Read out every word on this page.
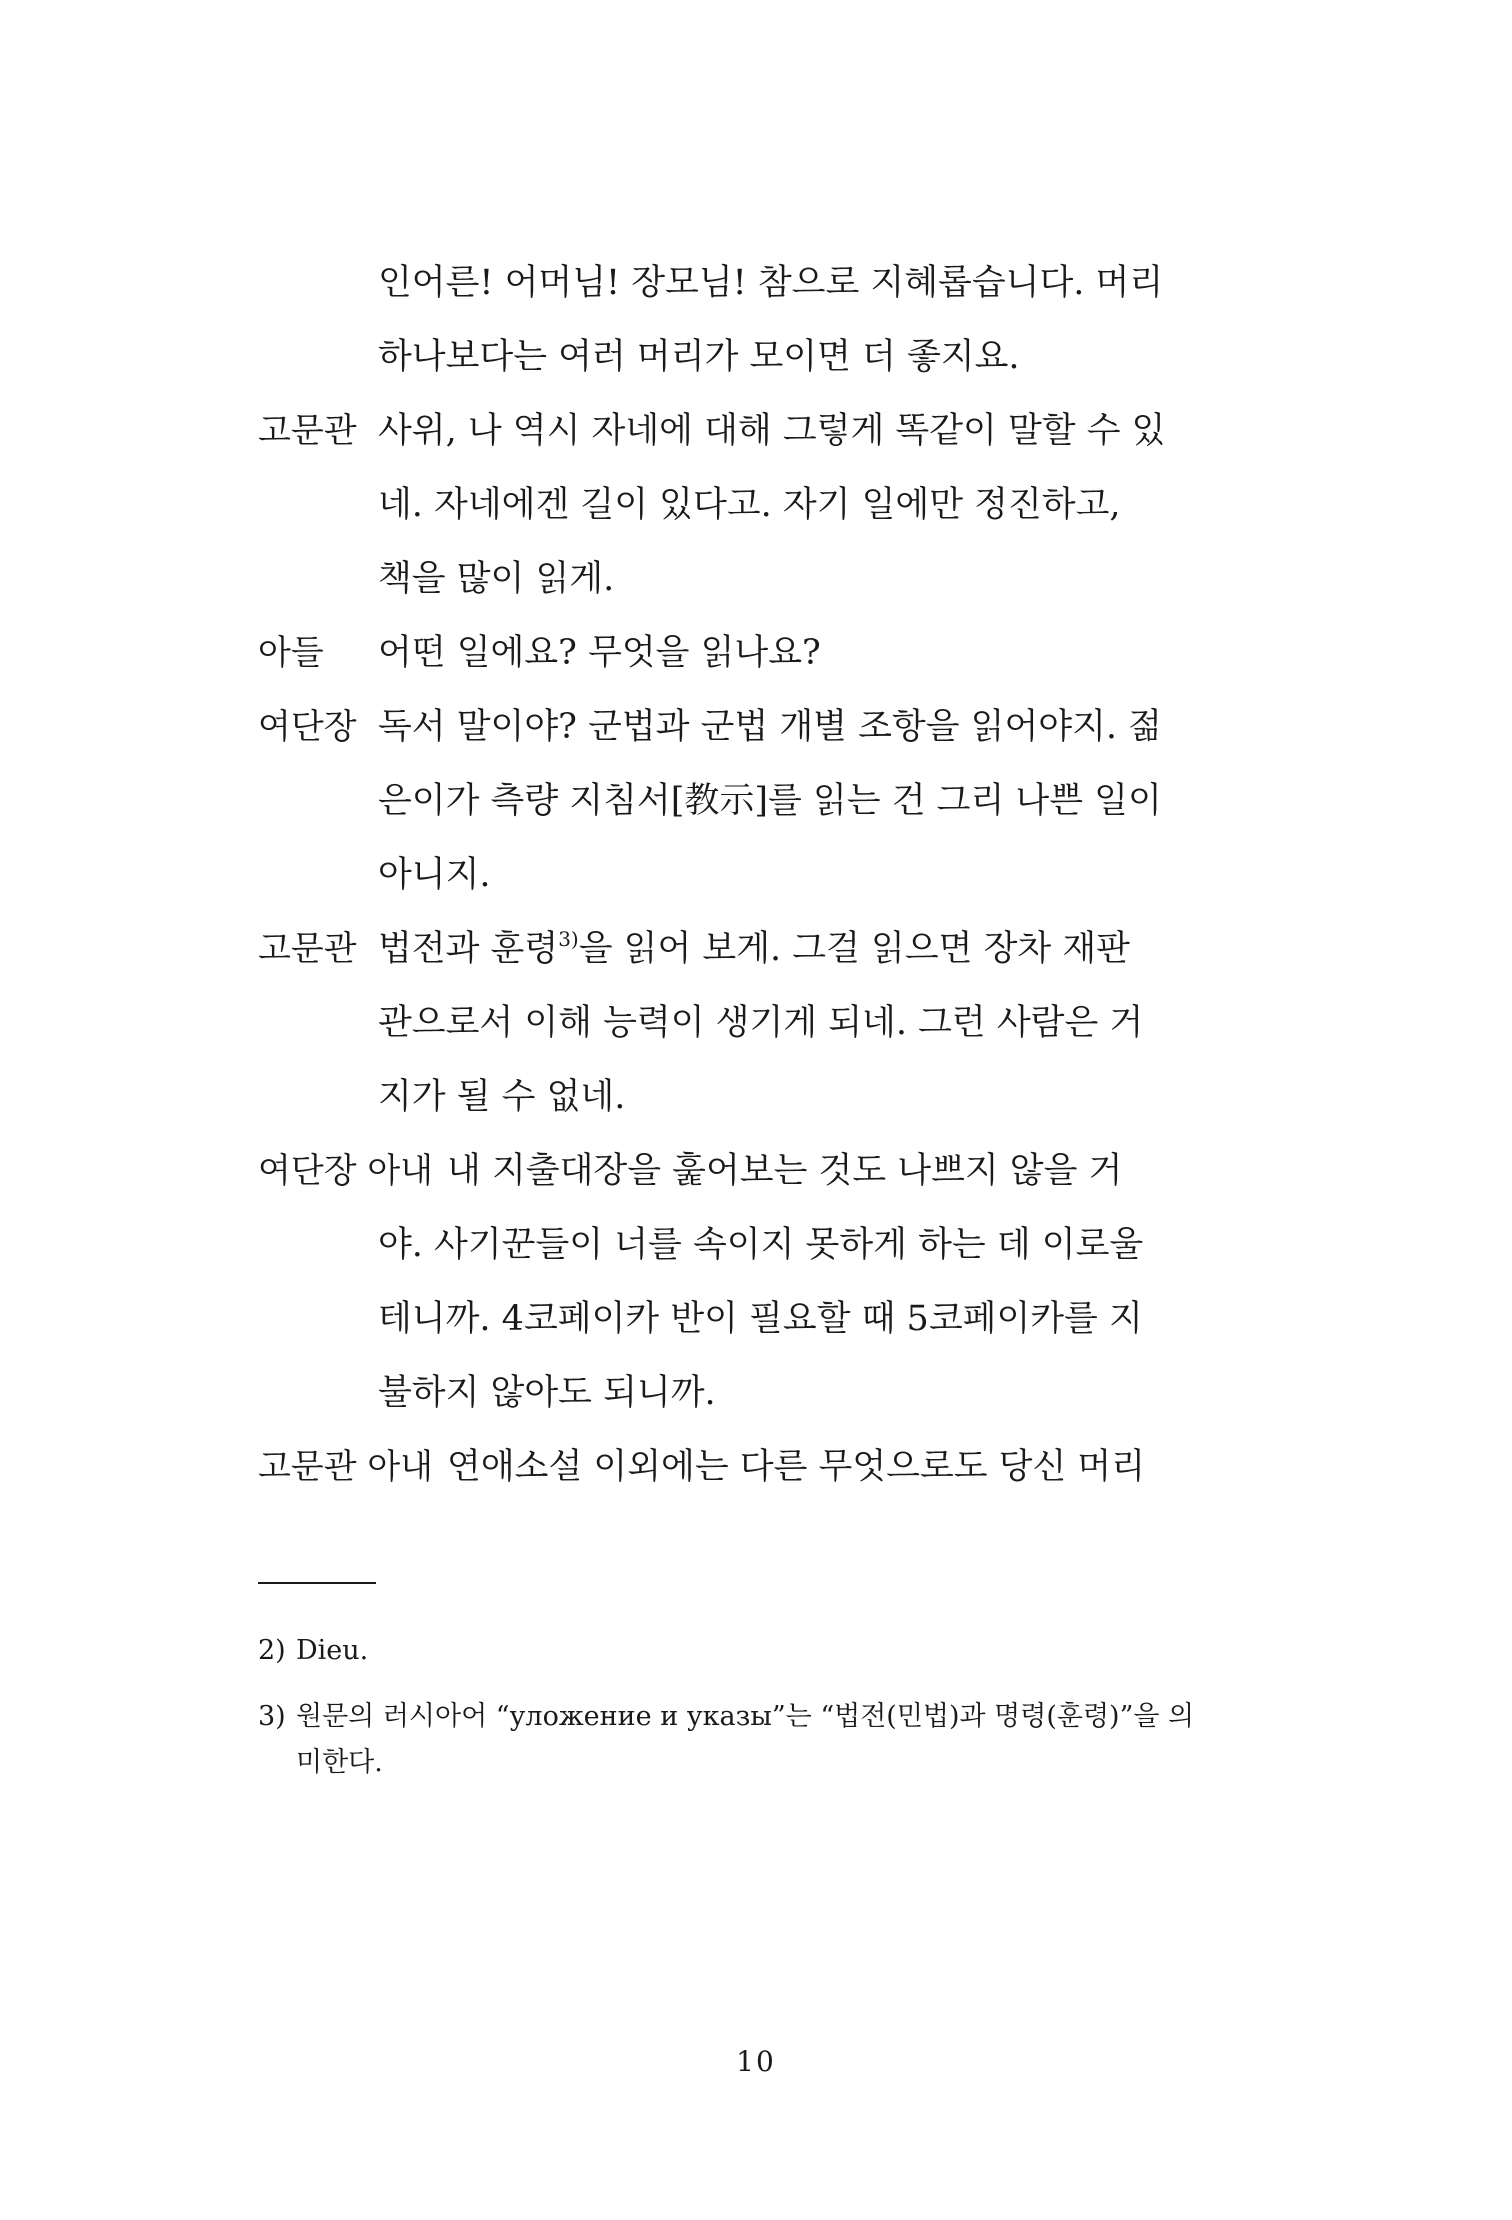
인어른! 어머님! 장모님! 참으로 지혜롭습니다. 머리
하나보다는 여러 머리가 모이면 더 좋지요.
고문관 사위, 나 역시 자네에 대해 그렇게 똑같이 말할 수 있
네. 자네에겐 길이 있다고. 자기 일에만 정진하고,
책을 많이 읽게.
아들 어떤 일에요? 무엇을 읽나요?
여단장 독서 말이야? 군법과 군법 개별 조항을 읽어야지. 젊
은이가 측량 지침서[教示]를 읽는 건 그리 나쁜 일이
아니지.
고문관 법전과 훈령$^{3)}$을 읽어 보게. 그걸 읽으면 장차 재판
관으로서 이해 능력이 생기게 되네. 그런 사람은 거
지가 될 수 없네.
여단장 아내 내 지출대장을 훑어보는 것도 나쁘지 않을 거
야. 사기꾼들이 너를 속이지 못하게 하는 데 이로울
테니까. 4코페이카 반이 필요할 때 5코페이카를 지
불하지 않아도 되니까.
고문관 아내 연애소설 이외에는 다른 무엇으로도 당신 머리
2) Dieu.
3) 원문의 러시아어 “уложение и указы”는 “법전(민법)과 명령(훈령)”을 의미한다.
10
